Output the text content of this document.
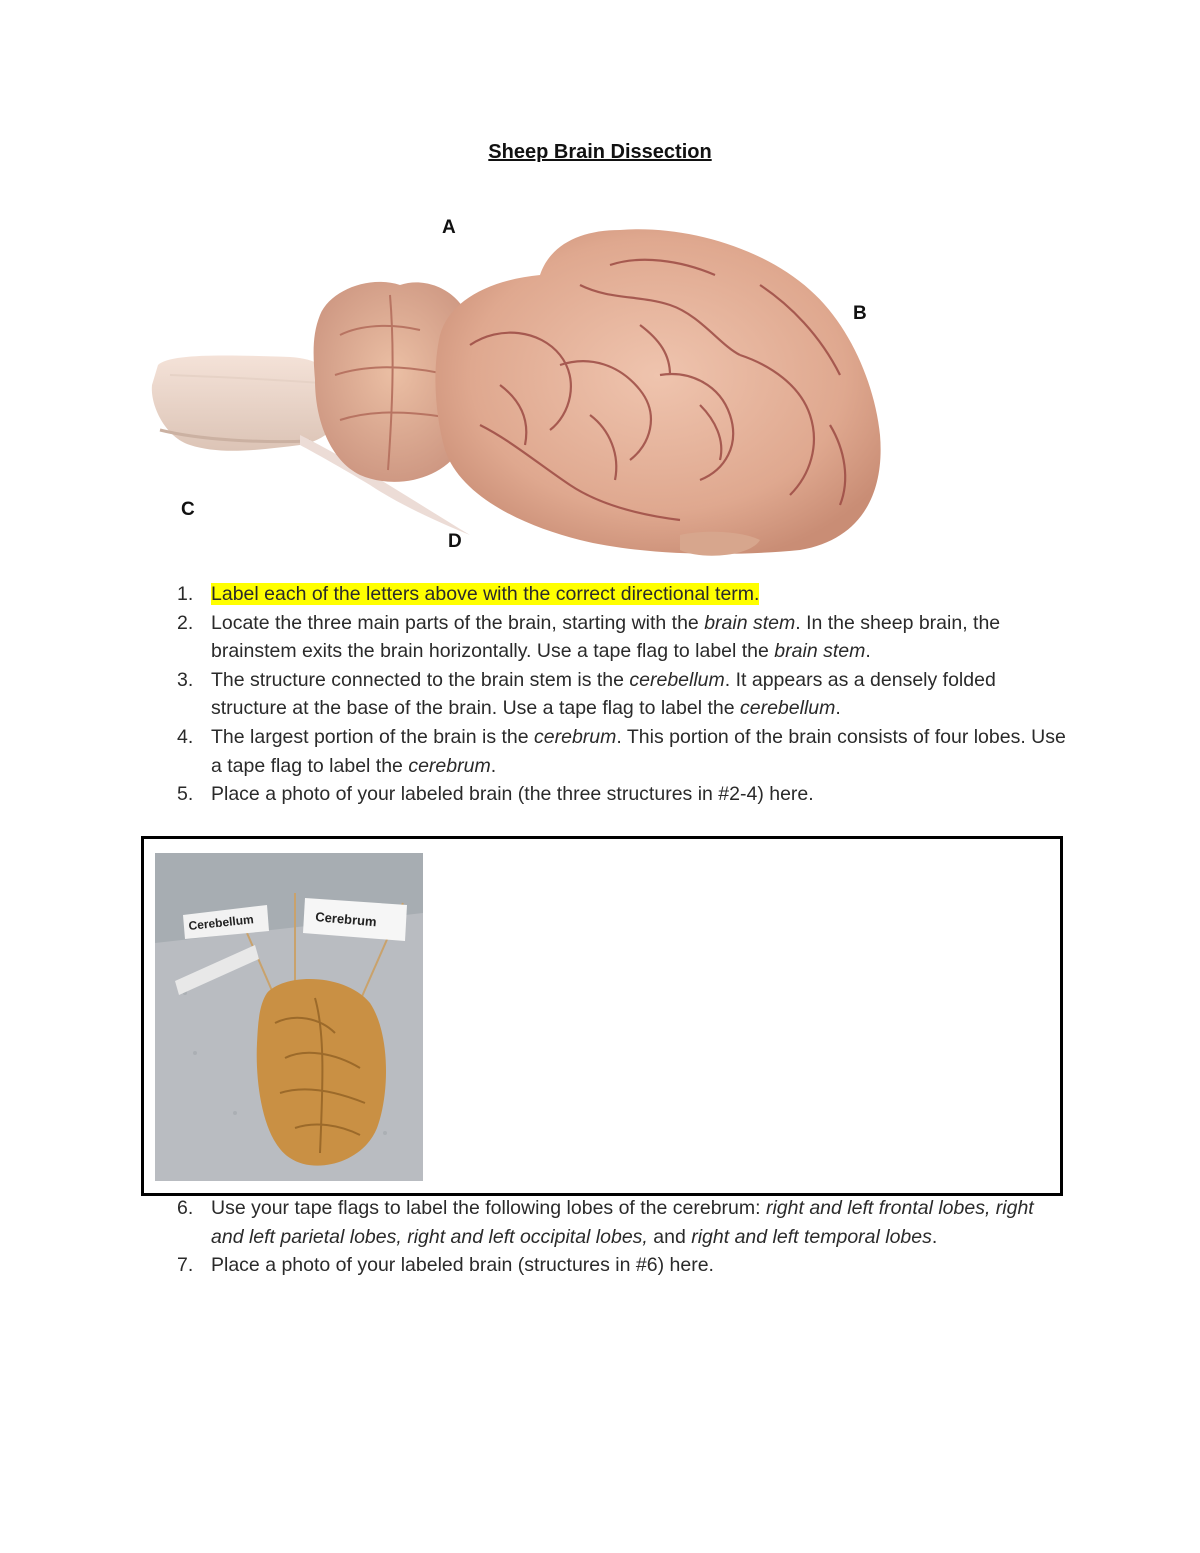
Sheep Brain Dissection
A
B
C
D
1. Label each of the letters above with the correct directional term.
2. Locate the three main parts of the brain, starting with the brain stem. In the sheep brain, the brainstem exits the brain horizontally. Use a tape flag to label the brain stem.
3. The structure connected to the brain stem is the cerebellum. It appears as a densely folded structure at the base of the brain. Use a tape flag to label the cerebellum.
4. The largest portion of the brain is the cerebrum. This portion of the brain consists of four lobes. Use a tape flag to label the cerebrum.
5. Place a photo of your labeled brain (the three structures in #2-4) here.
Cerebellum	Cerebrum
6. Use your tape flags to label the following lobes of the cerebrum: right and left frontal lobes, right and left parietal lobes, right and left occipital lobes, and right and left temporal lobes.
7. Place a photo of your labeled brain (structures in #6) here.
